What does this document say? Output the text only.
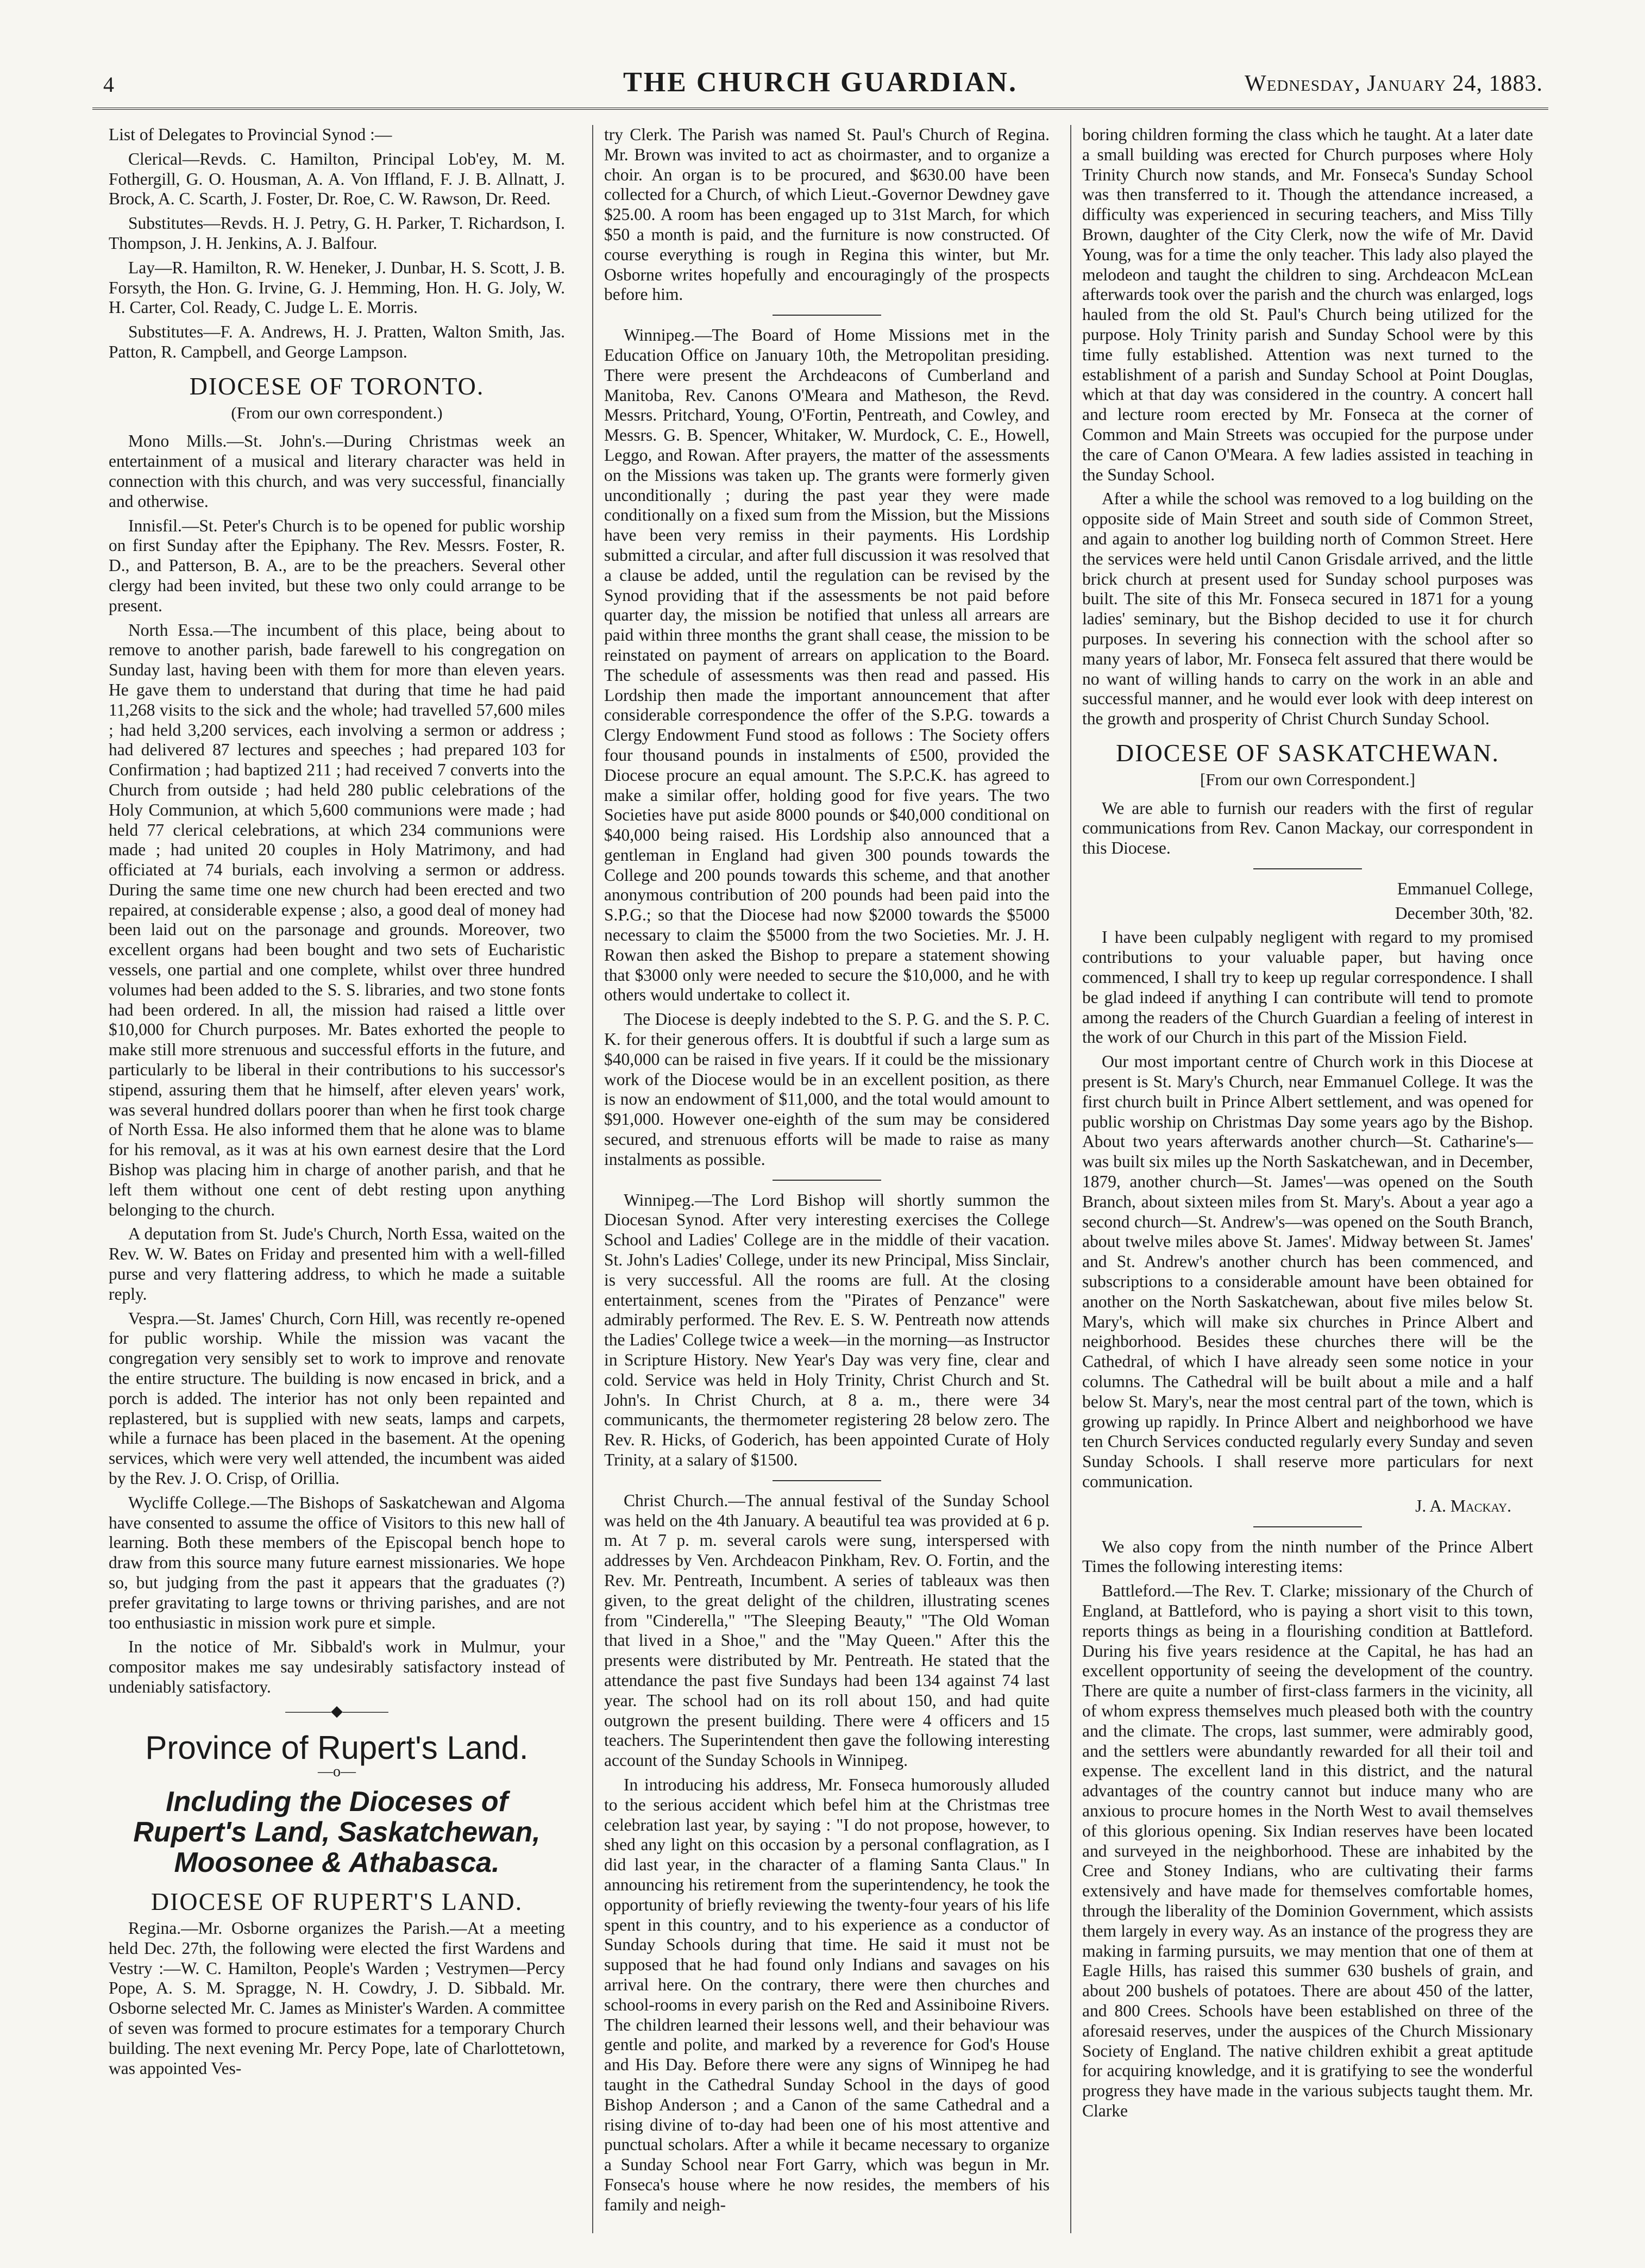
4	THE CHURCH GUARDIAN.	Wednesday, January 24, 1883.

List of Delegates to Provincial Synod :—

Clerical—Revds. C. Hamilton, Principal Lob'ey, M. M. Fothergill, G. O. Housman, A. A. Von Iffland, F. J. B. Allnatt, J. Brock, A. C. Scarth, J. Foster, Dr. Roe, C. W. Rawson, Dr. Reed.

Substitutes—Revds. H. J. Petry, G. H. Parker, T. Richardson, I. Thompson, J. H. Jenkins, A. J. Balfour.

Lay—R. Hamilton, R. W. Heneker, J. Dunbar, H. S. Scott, J. B. Forsyth, the Hon. G. Irvine, G. J. Hemming, Hon. H. G. Joly, W. H. Carter, Col. Ready, C. Judge L. E. Morris.

Substitutes—F. A. Andrews, H. J. Pratten, Walton Smith, Jas. Patton, R. Campbell, and George Lampson.

DIOCESE OF TORONTO.
(From our own correspondent.)

Mono Mills.—St. John's.—During Christmas week an entertainment of a musical and literary character was held in connection with this church, and was very successful, financially and otherwise.

Innisfil.—St. Peter's Church is to be opened for public worship on first Sunday after the Epiphany. The Rev. Messrs. Foster, R. D., and Patterson, B. A., are to be the preachers. Several other clergy had been invited, but these two only could arrange to be present.

North Essa.—The incumbent of this place, being about to remove to another parish, bade farewell to his congregation on Sunday last, having been with them for more than eleven years. He gave them to understand that during that time he had paid 11,268 visits to the sick and the whole; had travelled 57,600 miles ; had held 3,200 services, each involving a sermon or address ; had delivered 87 lectures and speeches ; had prepared 103 for Confirmation ; had baptized 211 ; had received 7 converts into the Church from outside ; had held 280 public celebrations of the Holy Communion, at which 5,600 communions were made ; had held 77 clerical celebrations, at which 234 communions were made ; had united 20 couples in Holy Matrimony, and had officiated at 74 burials, each involving a sermon or address. During the same time one new church had been erected and two repaired, at considerable expense ; also, a good deal of money had been laid out on the parsonage and grounds. Moreover, two excellent organs had been bought and two sets of Eucharistic vessels, one partial and one complete, whilst over three hundred volumes had been added to the S. S. libraries, and two stone fonts had been ordered. In all, the mission had raised a little over $10,000 for Church purposes. Mr. Bates exhorted the people to make still more strenuous and successful efforts in the future, and particularly to be liberal in their contributions to his successor's stipend, assuring them that he himself, after eleven years' work, was several hundred dollars poorer than when he first took charge of North Essa. He also informed them that he alone was to blame for his removal, as it was at his own earnest desire that the Lord Bishop was placing him in charge of another parish, and that he left them without one cent of debt resting upon anything belonging to the church.

A deputation from St. Jude's Church, North Essa, waited on the Rev. W. W. Bates on Friday and presented him with a well-filled purse and very flattering address, to which he made a suitable reply.

Vespra.—St. James' Church, Corn Hill, was recently re-opened for public worship. While the mission was vacant the congregation very sensibly set to work to improve and renovate the entire structure. The building is now encased in brick, and a porch is added. The interior has not only been repainted and replastered, but is supplied with new seats, lamps and carpets, while a furnace has been placed in the basement. At the opening services, which were very well attended, the incumbent was aided by the Rev. J. O. Crisp, of Orillia.

Wycliffe College.—The Bishops of Saskatchewan and Algoma have consented to assume the office of Visitors to this new hall of learning. Both these members of the Episcopal bench hope to draw from this source many future earnest missionaries. We hope so, but judging from the past it appears that the graduates (?) prefer gravitating to large towns or thriving parishes, and are not too enthusiastic in mission work pure et simple.

In the notice of Mr. Sibbald's work in Mulmur, your compositor makes me say undesirably satisfactory instead of undeniably satisfactory.

———◆———
Province of Rupert's Land.
—o—
Including the Dioceses of Rupert's Land, Saskatchewan, Moosonee & Athabasca.
DIOCESE OF RUPERT'S LAND.

Regina.—Mr. Osborne organizes the Parish.—At a meeting held Dec. 27th, the following were elected the first Wardens and Vestry :—W. C. Hamilton, People's Warden ; Vestrymen—Percy Pope, A. S. M. Spragge, N. H. Cowdry, J. D. Sibbald. Mr. Osborne selected Mr. C. James as Minister's Warden. A committee of seven was formed to procure estimates for a temporary Church building. The next evening Mr. Percy Pope, late of Charlottetown, was appointed Ves-

try Clerk. The Parish was named St. Paul's Church of Regina. Mr. Brown was invited to act as choirmaster, and to organize a choir. An organ is to be procured, and $630.00 have been collected for a Church, of which Lieut.-Governor Dewdney gave $25.00. A room has been engaged up to 31st March, for which $50 a month is paid, and the furniture is now constructed. Of course everything is rough in Regina this winter, but Mr. Osborne writes hopefully and encouragingly of the prospects before him.

Winnipeg.—The Board of Home Missions met in the Education Office on January 10th, the Metropolitan presiding. There were present the Archdeacons of Cumberland and Manitoba, Rev. Canons O'Meara and Matheson, the Revd. Messrs. Pritchard, Young, O'Fortin, Pentreath, and Cowley, and Messrs. G. B. Spencer, Whitaker, W. Murdock, C. E., Howell, Leggo, and Rowan. After prayers, the matter of the assessments on the Missions was taken up. The grants were formerly given unconditionally ; during the past year they were made conditionally on a fixed sum from the Mission, but the Missions have been very remiss in their payments. His Lordship submitted a circular, and after full discussion it was resolved that a clause be added, until the regulation can be revised by the Synod providing that if the assessments be not paid before quarter day, the mission be notified that unless all arrears are paid within three months the grant shall cease, the mission to be reinstated on payment of arrears on application to the Board. The schedule of assessments was then read and passed. His Lordship then made the important announcement that after considerable correspondence the offer of the S.P.G. towards a Clergy Endowment Fund stood as follows : The Society offers four thousand pounds in instalments of £500, provided the Diocese procure an equal amount. The S.P.C.K. has agreed to make a similar offer, holding good for five years. The two Societies have put aside 8000 pounds or $40,000 conditional on $40,000 being raised. His Lordship also announced that a gentleman in England had given 300 pounds towards the College and 200 pounds towards this scheme, and that another anonymous contribution of 200 pounds had been paid into the S.P.G.; so that the Diocese had now $2000 towards the $5000 necessary to claim the $5000 from the two Societies. Mr. J. H. Rowan then asked the Bishop to prepare a statement showing that $3000 only were needed to secure the $10,000, and he with others would undertake to collect it.

The Diocese is deeply indebted to the S. P. G. and the S. P. C. K. for their generous offers. It is doubtful if such a large sum as $40,000 can be raised in five years. If it could be the missionary work of the Diocese would be in an excellent position, as there is now an endowment of $11,000, and the total would amount to $91,000. However one-eighth of the sum may be considered secured, and strenuous efforts will be made to raise as many instalments as possible.

Winnipeg.—The Lord Bishop will shortly summon the Diocesan Synod. After very interesting exercises the College School and Ladies' College are in the middle of their vacation. St. John's Ladies' College, under its new Principal, Miss Sinclair, is very successful. All the rooms are full. At the closing entertainment, scenes from the "Pirates of Penzance" were admirably performed. The Rev. E. S. W. Pentreath now attends the Ladies' College twice a week—in the morning—as Instructor in Scripture History. New Year's Day was very fine, clear and cold. Service was held in Holy Trinity, Christ Church and St. John's. In Christ Church, at 8 a. m., there were 34 communicants, the thermometer registering 28 below zero. The Rev. R. Hicks, of Goderich, has been appointed Curate of Holy Trinity, at a salary of $1500.

Christ Church.—The annual festival of the Sunday School was held on the 4th January. A beautiful tea was provided at 6 p. m. At 7 p. m. several carols were sung, interspersed with addresses by Ven. Archdeacon Pinkham, Rev. O. Fortin, and the Rev. Mr. Pentreath, Incumbent. A series of tableaux was then given, to the great delight of the children, illustrating scenes from "Cinderella," "The Sleeping Beauty," "The Old Woman that lived in a Shoe," and the "May Queen." After this the presents were distributed by Mr. Pentreath. He stated that the attendance the past five Sundays had been 134 against 74 last year. The school had on its roll about 150, and had quite outgrown the present building. There were 4 officers and 15 teachers. The Superintendent then gave the following interesting account of the Sunday Schools in Winnipeg.

In introducing his address, Mr. Fonseca humorously alluded to the serious accident which befel him at the Christmas tree celebration last year, by saying : "I do not propose, however, to shed any light on this occasion by a personal conflagration, as I did last year, in the character of a flaming Santa Claus." In announcing his retirement from the superintendency, he took the opportunity of briefly reviewing the twenty-four years of his life spent in this country, and to his experience as a conductor of Sunday Schools during that time. He said it must not be supposed that he had found only Indians and savages on his arrival here. On the contrary, there were then churches and school-rooms in every parish on the Red and Assiniboine Rivers. The children learned their lessons well, and their behaviour was gentle and polite, and marked by a reverence for God's House and His Day. Before there were any signs of Winnipeg he had taught in the Cathedral Sunday School in the days of good Bishop Anderson ; and a Canon of the same Cathedral and a rising divine of to-day had been one of his most attentive and punctual scholars. After a while it became necessary to organize a Sunday School near Fort Garry, which was begun in Mr. Fonseca's house where he now resides, the members of his family and neigh-

boring children forming the class which he taught. At a later date a small building was erected for Church purposes where Holy Trinity Church now stands, and Mr. Fonseca's Sunday School was then transferred to it. Though the attendance increased, a difficulty was experienced in securing teachers, and Miss Tilly Brown, daughter of the City Clerk, now the wife of Mr. David Young, was for a time the only teacher. This lady also played the melodeon and taught the children to sing. Archdeacon McLean afterwards took over the parish and the church was enlarged, logs hauled from the old St. Paul's Church being utilized for the purpose. Holy Trinity parish and Sunday School were by this time fully established. Attention was next turned to the establishment of a parish and Sunday School at Point Douglas, which at that day was considered in the country. A concert hall and lecture room erected by Mr. Fonseca at the corner of Common and Main Streets was occupied for the purpose under the care of Canon O'Meara. A few ladies assisted in teaching in the Sunday School.

After a while the school was removed to a log building on the opposite side of Main Street and south side of Common Street, and again to another log building north of Common Street. Here the services were held until Canon Grisdale arrived, and the little brick church at present used for Sunday school purposes was built. The site of this Mr. Fonseca secured in 1871 for a young ladies' seminary, but the Bishop decided to use it for church purposes. In severing his connection with the school after so many years of labor, Mr. Fonseca felt assured that there would be no want of willing hands to carry on the work in an able and successful manner, and he would ever look with deep interest on the growth and prosperity of Christ Church Sunday School.

DIOCESE OF SASKATCHEWAN.
[From our own Correspondent.]

We are able to furnish our readers with the first of regular communications from Rev. Canon Mackay, our correspondent in this Diocese.

Emmanuel College,

December 30th, '82.

I have been culpably negligent with regard to my promised contributions to your valuable paper, but having once commenced, I shall try to keep up regular correspondence. I shall be glad indeed if anything I can contribute will tend to promote among the readers of the Church Guardian a feeling of interest in the work of our Church in this part of the Mission Field.

Our most important centre of Church work in this Diocese at present is St. Mary's Church, near Emmanuel College. It was the first church built in Prince Albert settlement, and was opened for public worship on Christmas Day some years ago by the Bishop. About two years afterwards another church—St. Catharine's—was built six miles up the North Saskatchewan, and in December, 1879, another church—St. James'—was opened on the South Branch, about sixteen miles from St. Mary's. About a year ago a second church—St. Andrew's—was opened on the South Branch, about twelve miles above St. James'. Midway between St. James' and St. Andrew's another church has been commenced, and subscriptions to a considerable amount have been obtained for another on the North Saskatchewan, about five miles below St. Mary's, which will make six churches in Prince Albert and neighborhood. Besides these churches there will be the Cathedral, of which I have already seen some notice in your columns. The Cathedral will be built about a mile and a half below St. Mary's, near the most central part of the town, which is growing up rapidly. In Prince Albert and neighborhood we have ten Church Services conducted regularly every Sunday and seven Sunday Schools. I shall reserve more particulars for next communication.

J. A. Mackay.

We also copy from the ninth number of the Prince Albert Times the following interesting items:

Battleford.—The Rev. T. Clarke; missionary of the Church of England, at Battleford, who is paying a short visit to this town, reports things as being in a flourishing condition at Battleford. During his five years residence at the Capital, he has had an excellent opportunity of seeing the development of the country. There are quite a number of first-class farmers in the vicinity, all of whom express themselves much pleased both with the country and the climate. The crops, last summer, were admirably good, and the settlers were abundantly rewarded for all their toil and expense. The excellent land in this district, and the natural advantages of the country cannot but induce many who are anxious to procure homes in the North West to avail themselves of this glorious opening. Six Indian reserves have been located and surveyed in the neighborhood. These are inhabited by the Cree and Stoney Indians, who are cultivating their farms extensively and have made for themselves comfortable homes, through the liberality of the Dominion Government, which assists them largely in every way. As an instance of the progress they are making in farming pursuits, we may mention that one of them at Eagle Hills, has raised this summer 630 bushels of grain, and about 200 bushels of potatoes. There are about 450 of the latter, and 800 Crees. Schools have been established on three of the aforesaid reserves, under the auspices of the Church Missionary Society of England. The native children exhibit a great aptitude for acquiring knowledge, and it is gratifying to see the wonderful progress they have made in the various subjects taught them. Mr. Clarke
